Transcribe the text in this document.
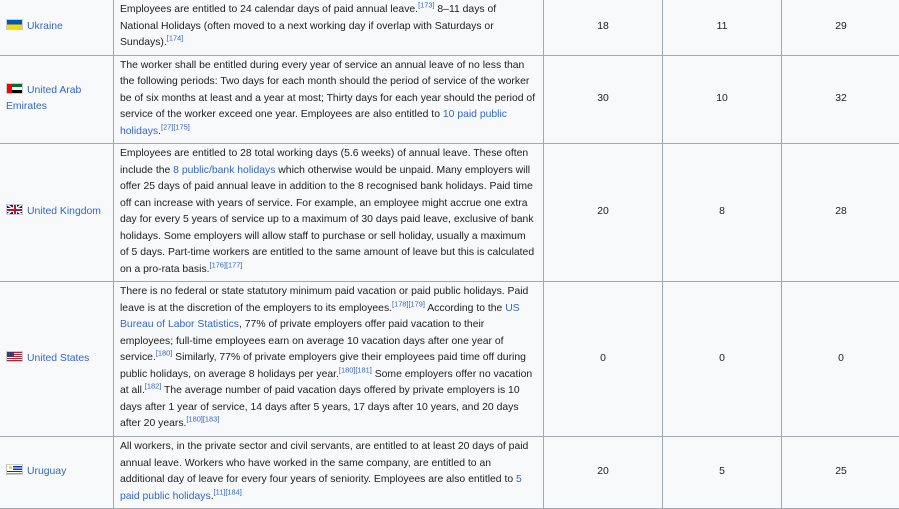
Ukraine	Employees are entitled to 24 calendar days of paid annual leave.[173] 8–11 days of National Holidays (often moved to a next working day if overlap with Saturdays or Sundays).[174]	18	11	29
United Arab Emirates	The worker shall be entitled during every year of service an annual leave of no less than the following periods: Two days for each month should the period of service of the worker be of six months at least and a year at most; Thirty days for each year should the period of service of the worker exceed one year. Employees are also entitled to 10 paid public holidays.[27][175]	30	10	32
United Kingdom	Employees are entitled to 28 total working days (5.6 weeks) of annual leave. These often include the 8 public/bank holidays which otherwise would be unpaid. Many employers will offer 25 days of paid annual leave in addition to the 8 recognised bank holidays. Paid time off can increase with years of service. For example, an employee might accrue one extra day for every 5 years of service up to a maximum of 30 days paid leave, exclusive of bank holidays. Some employers will allow staff to purchase or sell holiday, usually a maximum of 5 days. Part-time workers are entitled to the same amount of leave but this is calculated on a pro-rata basis.[176][177]	20	8	28
United States	There is no federal or state statutory minimum paid vacation or paid public holidays. Paid leave is at the discretion of the employers to its employees.[178][179] According to the US Bureau of Labor Statistics, 77% of private employers offer paid vacation to their employees; full-time employees earn on average 10 vacation days after one year of service.[180] Similarly, 77% of private employers give their employees paid time off during public holidays, on average 8 holidays per year.[180][181] Some employers offer no vacation at all.[182] The average number of paid vacation days offered by private employers is 10 days after 1 year of service, 14 days after 5 years, 17 days after 10 years, and 20 days after 20 years.[180][183]	0	0	0
Uruguay	All workers, in the private sector and civil servants, are entitled to at least 20 days of paid annual leave. Workers who have worked in the same company, are entitled to an additional day of leave for every four years of seniority. Employees are also entitled to 5 paid public holidays.[11][184]	20	5	25
